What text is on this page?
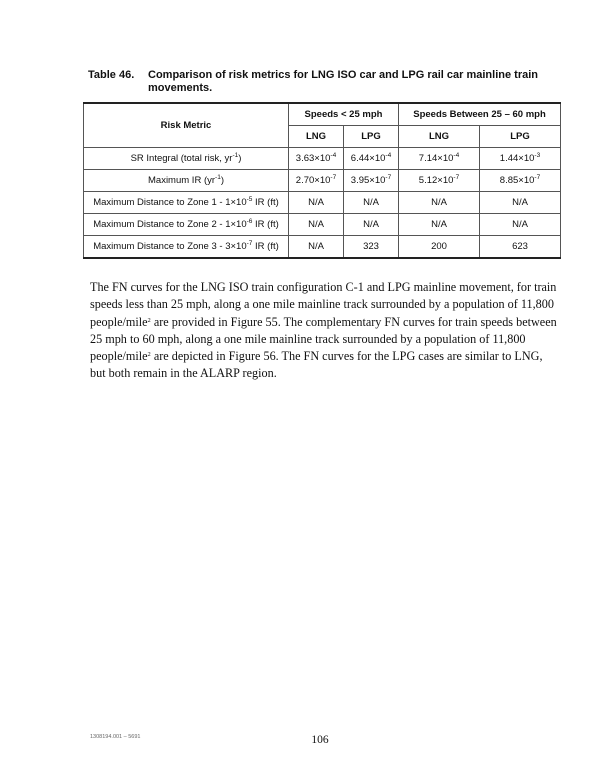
Table 46.	Comparison of risk metrics for LNG ISO car and LPG rail car mainline train movements.
Risk Metric	Speeds < 25 mph		Speeds Between 25 – 60 mph	
	LNG	LPG	LNG	LPG
SR Integral (total risk, $yr^{-1}$)	$3.63\times 10^{-4}$	$6.44\times 10^{-4}$	$7.14\times 10^{-4}$	$1.44\times 10^{-3}$
Maximum IR $(yr^{-1})$	$2.70\times 10^{-7}$	$3.95\times 10^{-7}$	$5.12\times 10^{-7}$	$8.85\times 10^{-7}$
Maximum Distance to Zone $1 - 1\times 10^{-5}$ IR (ft)	N/A	N/A	N/A	N/A
Maximum Distance to Zone $2 - 1\times 10^{-6}$ IR (ft)	N/A	N/A	N/A	N/A
Maximum Distance to Zone $3 - 3\times 10^{-7}$ IR (ft)	N/A	323	200	623

The FN curves for the LNG ISO train configuration C-1 and LPG mainline movement, for train speeds less than 25 mph, along a one mile mainline track surrounded by a population of 11,800 people/mile$^2$ are provided in Figure 55. The complementary FN curves for train speeds between 25 mph to 60 mph, along a one mile mainline track surrounded by a population of 11,800 people/mile$^2$ are depicted in Figure 56. The FN curves for the LPG cases are similar to LNG, but both remain in the ALARP region.

1308194.001 – 5691	106
